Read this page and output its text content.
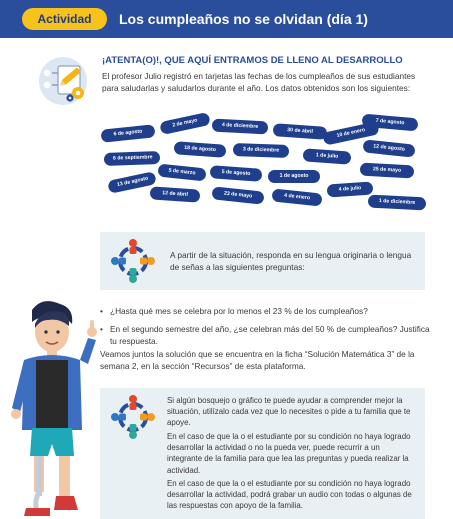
Actividad	Los cumpleaños no se olvidan (día 1)
¡ATENTA(O)!, QUE AQUÍ ENTRAMOS DE LLENO AL DESARROLLO
El profesor Julio registró en tarjetas las fechas de los cumpleaños de sus estudiantes para saludarlas y saludarlos durante el año. Los datos obtenidos son los siguientes:
6 de agosto
2 de mayo	4 de diciembre
30 de abril	10 de enero
7 de agosto
6 de septiembre
18 de agosto	3 de diciembre
1 de julio
12 de agosto
5 de marzo	5 de agosto	1 de agosto
25 de mayo
13 de agosto
12 de abril	23 de mayo	4 de enero
4 de julio
1 de diciembre
A partir de la situación, responda en su lengua originaria o lengua de señas a las siguientes preguntas:
• ¿Hasta qué mes se celebra por lo menos el 23 % de los cumpleaños?
• En el segundo semestre del año, ¿se celebran más del 50 % de cumpleaños? Justifica tu respuesta.
Veamos juntos la solución que se encuentra en la ficha “Solución Matemática 3” de la semana 2, en la sección “Recursos” de esta plataforma.
Si algún bosquejo o gráfico te puede ayudar a comprender mejor la situación, utilízalo cada vez que lo necesites o pide a tu familia que te apoye.
En el caso de que la o el estudiante por su condición no haya logrado desarrollar la actividad o no la pueda ver, puede recurrir a un integrante de la familia para que lea las preguntas y pueda realizar la actividad.
En el caso de que la o el estudiante por su condición no haya logrado desarrollar la actividad, podrá grabar un audio con todas o algunas de las respuestas con apoyo de la familia.
